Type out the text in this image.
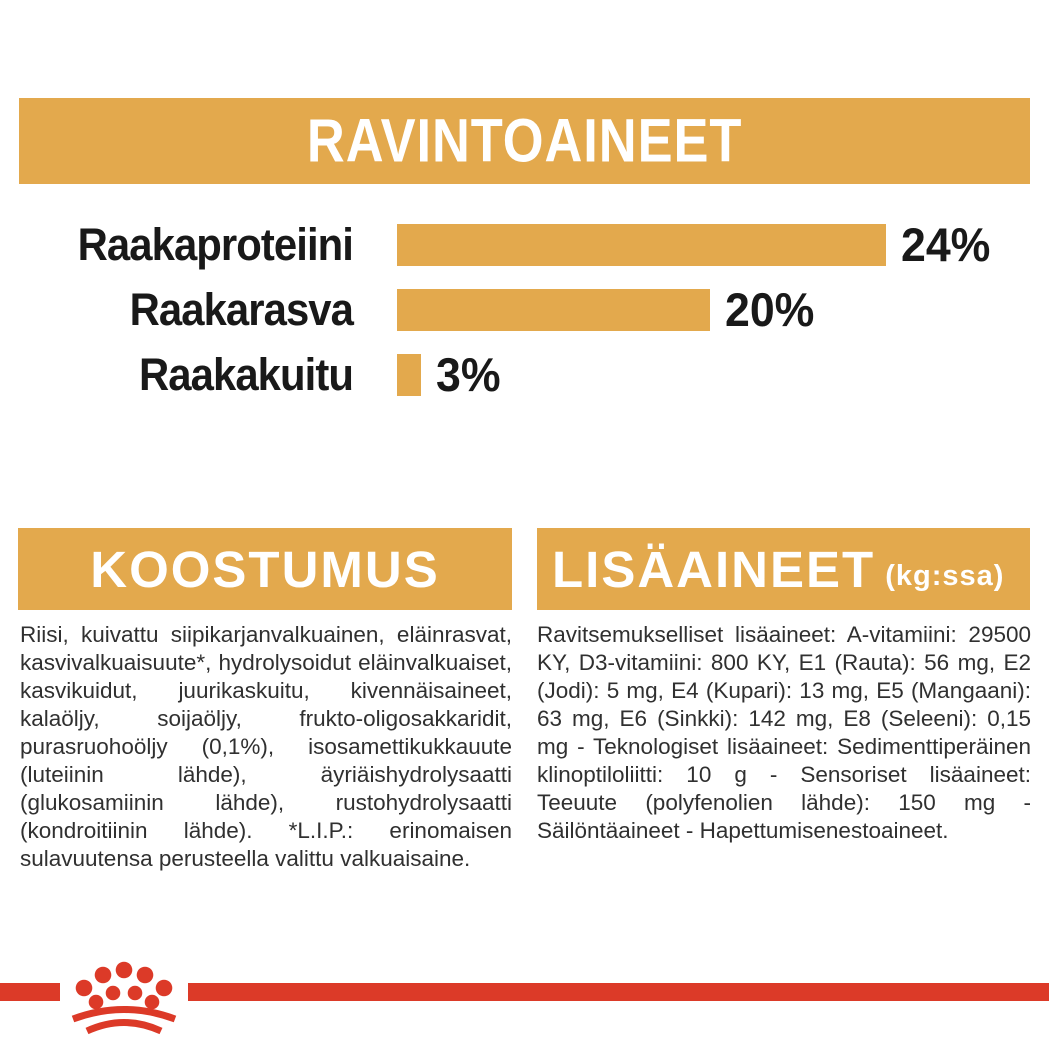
RAVINTOAINEET
Raakaproteiini	24%
Raakarasva	20%
Raakakuitu 3%
KOOSTUMUS
Riisi, kuivattu siipikarjanvalkuainen, eläinrasvat, kasvivalkuaisuute*, hydrolysoidut eläinvalkuaiset, kasvikuidut, juurikaskuitu, kivennäisaineet, kalaöljy, soijaöljy, frukto-oligosakkaridit, purasruohoöljy (0,1%), isosamettikukkauute (luteiinin lähde), äyriäishydrolysaatti (glukosamiinin lähde), rustohydrolysaatti (kondroitiinin lähde). *L.I.P.: erinomaisen sulavuutensa perusteella valittu valkuaisaine.
LISÄAINEET (kg:ssa)
Ravitsemukselliset lisäaineet: A-vitamiini: 29500 KY, D3-vitamiini: 800 KY, E1 (Rauta): 56 mg, E2 (Jodi): 5 mg, E4 (Kupari): 13 mg, E5 (Mangaani): 63 mg, E6 (Sinkki): 142 mg, E8 (Seleeni): 0,15 mg - Teknologiset lisäaineet: Sedimenttiperäinen klinoptiloliitti: 10 g - Sensoriset lisäaineet: Teeuute (polyfenolien lähde): 150 mg - Säilöntäaineet - Hapettumisenestoaineet.
